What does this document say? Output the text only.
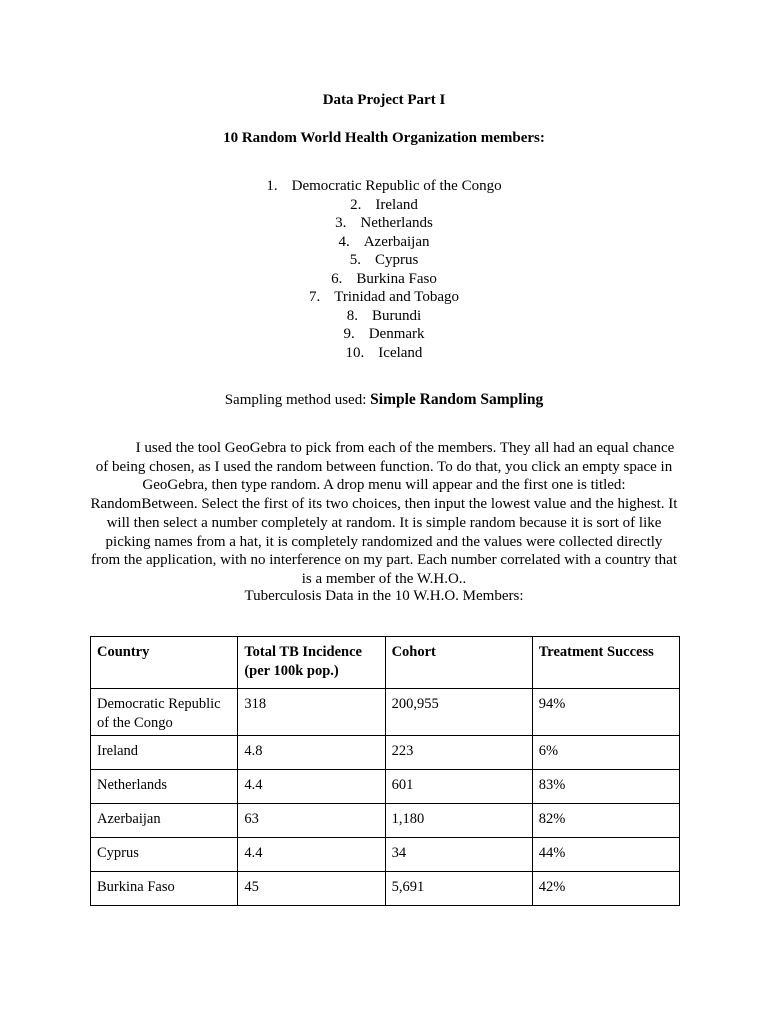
Data Project Part I
10 Random World Health Organization members:
1. Democratic Republic of the Congo
2. Ireland
3. Netherlands
4. Azerbaijan
5. Cyprus
6. Burkina Faso
7. Trinidad and Tobago
8. Burundi
9. Denmark
10. Iceland
Sampling method used: Simple Random Sampling

I used the tool GeoGebra to pick from each of the members. They all had an equal chance of being chosen, as I used the random between function. To do that, you click an empty space in GeoGebra, then type random. A drop menu will appear and the first one is titled: RandomBetween. Select the first of its two choices, then input the lowest value and the highest. It will then select a number completely at random. It is simple random because it is sort of like picking names from a hat, it is completely randomized and the values were collected directly from the application, with no interference on my part. Each number correlated with a country that is a member of the W.H.O..

Tuberculosis Data in the 10 W.H.O. Members:
Country	Total TB Incidence (per 100k pop.)	Cohort	Treatment Success
Democratic Republic of the Congo	318	200,955	94%
Ireland	4.8	223	6%
Netherlands	4.4	601	83%
Azerbaijan	63	1,180	82%
Cyprus	4.4	34	44%
Burkina Faso	45	5,691	42%
